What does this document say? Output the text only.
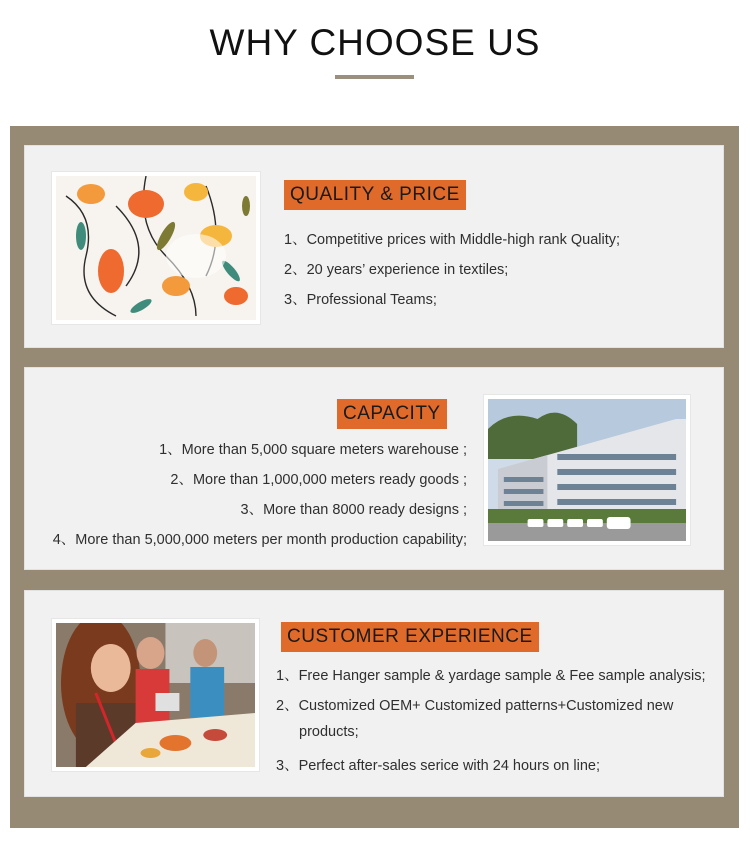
WHY CHOOSE US
QUALITY & PRICE
1、Competitive prices with Middle-high rank Quality;
2、20 years’ experience in textiles;
3、Professional Teams;
CAPACITY
1、More than 5,000 square meters warehouse ;
2、More than 1,000,000 meters ready goods ;
3、More than 8000 ready designs ;
4、More than 5,000,000 meters per month production capability;
CUSTOMER EXPERIENCE
1、Free Hanger sample & yardage sample & Fee sample analysis;
2、Customized OEM+ Customized patterns+Customized new
products;
3、Perfect after-sales serice with 24 hours on line;
